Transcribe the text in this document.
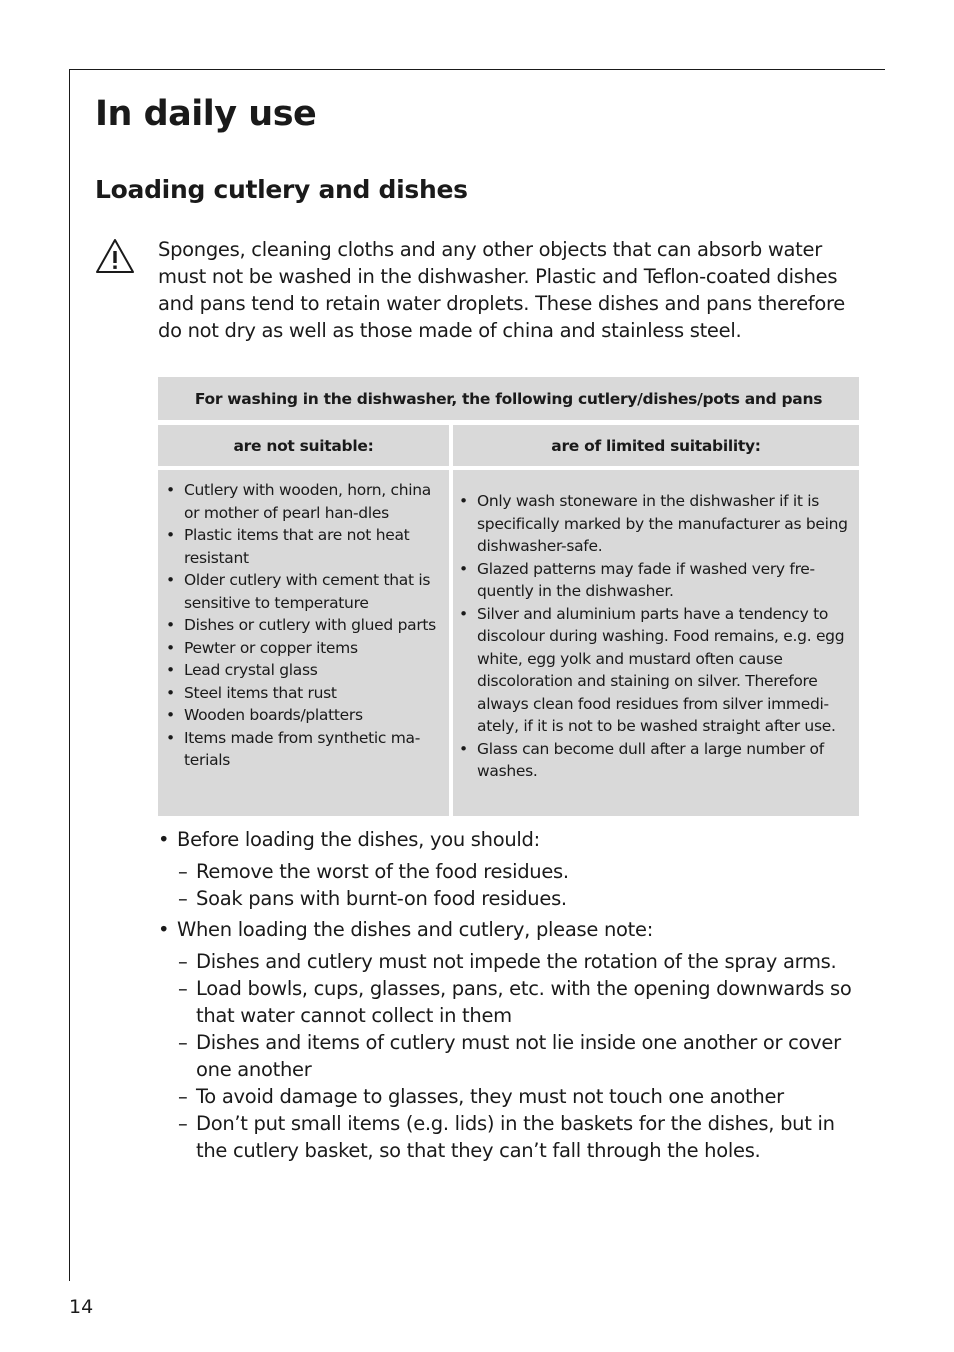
In daily use
Loading cutlery and dishes

Sponges, cleaning cloths and any other objects that can absorb water must not be washed in the dishwasher. Plastic and Teflon-coated dishes and pans tend to retain water droplets. These dishes and pans therefore do not dry as well as those made of china and stainless steel.

For washing in the dishwasher, the following cutlery/dishes/pots and pans
are not suitable:	are of limited suitability:
• Cutlery with wooden, horn, china or mother of pearl han-dles
• Plastic items that are not heat resistant
• Older cutlery with cement that is sensitive to temperature
• Dishes or cutlery with glued parts
• Pewter or copper items
• Lead crystal glass
• Steel items that rust
• Wooden boards/platters
• Items made from synthetic ma-terials
• Only wash stoneware in the dishwasher if it is specifically marked by the manufacturer as being dishwasher-safe.
• Glazed patterns may fade if washed very fre-quently in the dishwasher.
• Silver and aluminium parts have a tendency to discolour during washing. Food remains, e.g. egg white, egg yolk and mustard often cause discoloration and staining on silver. Therefore always clean food residues from silver immedi-ately, if it is not to be washed straight after use.
• Glass can become dull after a large number of washes.
• Before loading the dishes, you should:
– Remove the worst of the food residues.
– Soak pans with burnt-on food residues.
• When loading the dishes and cutlery, please note:
– Dishes and cutlery must not impede the rotation of the spray arms.
– Load bowls, cups, glasses, pans, etc. with the opening downwards so that water cannot collect in them
– Dishes and items of cutlery must not lie inside one another or cover one another
– To avoid damage to glasses, they must not touch one another
– Don’t put small items (e.g. lids) in the baskets for the dishes, but in the cutlery basket, so that they can’t fall through the holes.
14
